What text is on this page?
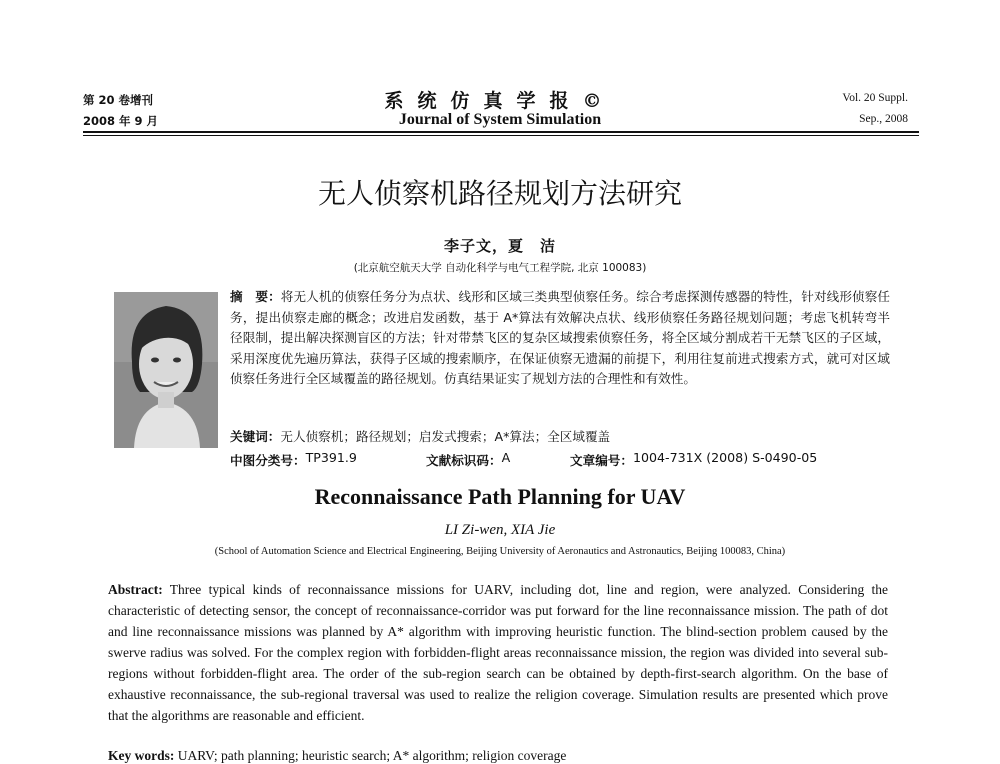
第 20 卷增刊
2008 年 9 月
系统仿真学报©
Journal of System Simulation
Vol. 20 Suppl.
Sep., 2008
无人侦察机路径规划方法研究
李子文，夏　洁
(北京航空航天大学 自动化科学与电气工程学院, 北京 100083)
摘　要：将无人机的侦察任务分为点状、线形和区域三类典型侦察任务。综合考虑探测传感器的特性，针对线形侦察任务，提出侦察走廊的概念；改进启发函数，基于 A*算法有效解决点状、线形侦察任务路径规划问题；考虑飞机转弯半径限制，提出解决探测盲区的方法；针对带禁飞区的复杂区域搜索侦察任务，将全区域分割成若干无禁飞区的子区域，采用深度优先遍历算法，获得子区域的搜索顺序，在保证侦察无遗漏的前提下，利用往复前进式搜索方式，就可对区域侦察任务进行全区域覆盖的路径规划。仿真结果证实了规划方法的合理性和有效性。
关键词：无人侦察机；路径规划；启发式搜索；A*算法；全区域覆盖
中图分类号： TP391.9	文献标识码： A	文章编号： 1004-731X (2008) S-0490-05
Reconnaissance Path Planning for UAV
LI Zi-wen, XIA Jie
(School of Automation Science and Electrical Engineering, Beijing University of Aeronautics and Astronautics, Beijing 100083, China)
Abstract: Three typical kinds of reconnaissance missions for UARV, including dot, line and region, were analyzed. Considering the characteristic of detecting sensor, the concept of reconnaissance-corridor was put forward for the line reconnaissance mission. The path of dot and line reconnaissance missions was planned by A* algorithm with improving heuristic function. The blind-section problem caused by the swerve radius was solved. For the complex region with forbidden-flight areas reconnaissance mission, the region was divided into several sub-regions without forbidden-flight area. The order of the sub-region search can be obtained by depth-first-search algorithm. On the base of exhaustive reconnaissance, the sub-regional traversal was used to realize the religion coverage. Simulation results are presented which prove that the algorithms are reasonable and efficient.
Key words: UARV; path planning; heuristic search; A* algorithm; religion coverage
